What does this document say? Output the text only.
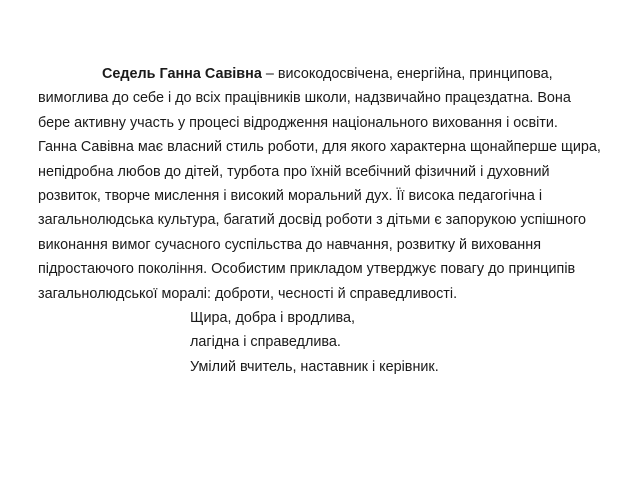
Седель Ганна Савівна – високодосвічена, енергійна, принципова,
вимоглива до себе і до всіх працівників школи, надзвичайно працездатна. Вона
бере активну участь у процесі відродження національного виховання і освіти.
Ганна Савівна має власний стиль роботи, для якого характерна щонайперше щира,
непідробна любов до дітей, турбота про їхній всебічний фізичний і духовний
розвиток, творче мислення і високий моральний дух. Її висока педагогічна і
загальнолюдська культура, багатий досвід роботи з дітьми є запорукою успішного
виконання вимог сучасного суспільства до навчання, розвитку й виховання
підростаючого покоління. Особистим прикладом утверджує повагу до принципів
загальнолюдської моралі: доброти, чесності й справедливості.
Щира, добра і вродлива,
лагідна і справедлива.
Умілий вчитель, наставник і керівник.
